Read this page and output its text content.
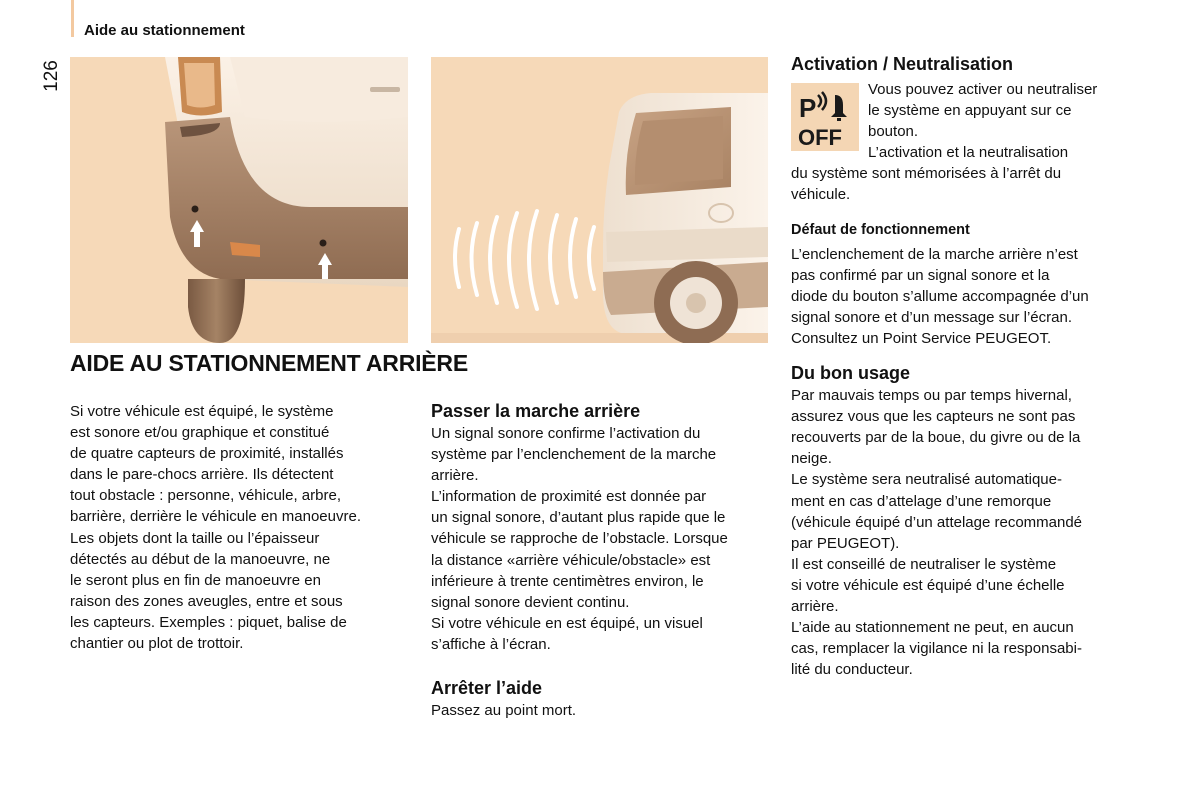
Aide au stationnement
126
AIDE AU STATIONNEMENT ARRIÈRE

Si votre véhicule est équipé, le système

est sonore et/ou graphique et constitué

de quatre capteurs de proximité, installés

dans le pare-chocs arrière. Ils détectent

tout obstacle : personne, véhicule, arbre,

barrière, derrière le véhicule en manoeuvre.

Les objets dont la taille ou l’épaisseur

détectés au début de la manoeuvre, ne

le seront plus en fin de manoeuvre en

raison des zones aveugles, entre et sous

les capteurs. Exemples : piquet, balise de

chantier ou plot de trottoir.

Passer la marche arrière

Un signal sonore confirme l’activation du

système par l’enclenchement de la marche

arrière.

L’information de proximité est donnée par

un signal sonore, d’autant plus rapide que le

véhicule se rapproche de l’obstacle. Lorsque

la distance «arrière véhicule/obstacle» est

inférieure à trente centimètres environ, le

signal sonore devient continu.

Si votre véhicule en est équipé, un visuel

s’affiche à l’écran.

Arrêter l’aide

Passez au point mort.

Activation / Neutralisation
P
OFF

Vous pouvez activer ou neutraliser

le système en appuyant sur ce

bouton.

L’activation et la neutralisation

du système sont mémorisées à l’arrêt du

véhicule.

Défaut de fonctionnement

L’enclenchement de la marche arrière n’est

pas confirmé par un signal sonore et la

diode du bouton s’allume accompagnée d’un

signal sonore et d’un message sur l’écran.

Consultez un Point Service PEUGEOT.

Du bon usage

Par mauvais temps ou par temps hivernal,

assurez vous que les capteurs ne sont pas

recouverts par de la boue, du givre ou de la

neige.

Le système sera neutralisé automatique-

ment en cas d’attelage d’une remorque

(véhicule équipé d’un attelage recommandé

par PEUGEOT).

Il est conseillé de neutraliser le système

si votre véhicule est équipé d’une échelle

arrière.

L’aide au stationnement ne peut, en aucun

cas, remplacer la vigilance ni la responsabi-

lité du conducteur.
